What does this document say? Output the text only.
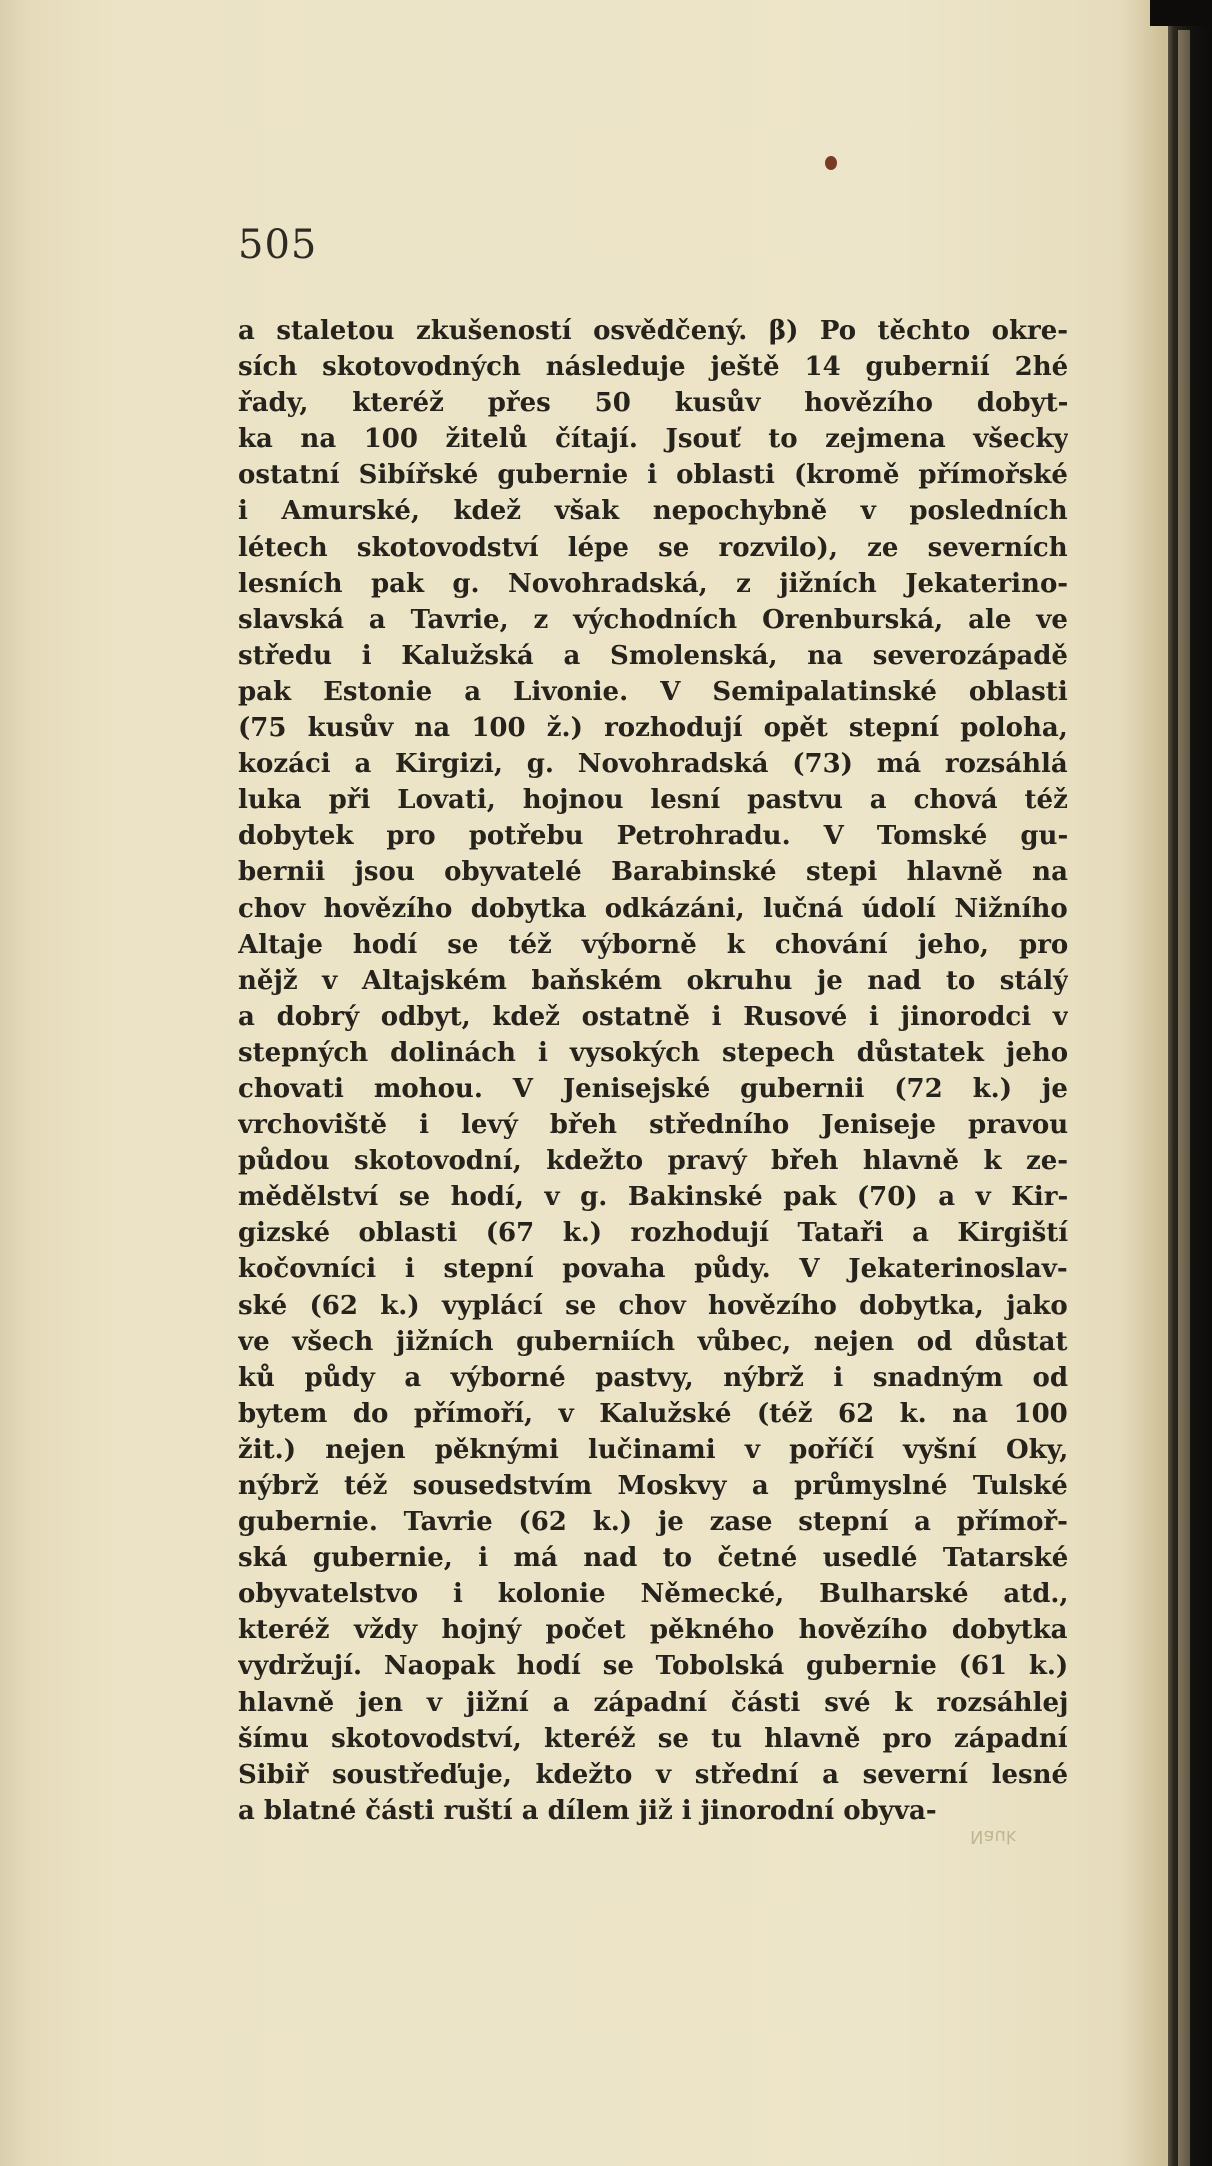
505
a staletou zkušeností osvědčený. β) Po těchto okre-
sích skotovodných následuje ještě 14 gubernií 2hé
řady, kteréž přes 50 kusův hovězího dobyt-
ka na 100 žitelů čítají. Jsouť to zejmena všecky
ostatní Sibířské gubernie i oblasti (kromě přímořské
i Amurské, kdež však nepochybně v posledních
létech skotovodství lépe se rozvilo), ze severních
lesních pak g. Novohradská, z jižních Jekaterino-
slavská a Tavrie, z východních Orenburská, ale ve
středu i Kalužská a Smolenská, na severozápadě
pak Estonie a Livonie. V Semipalatinské oblasti
(75 kusův na 100 ž.) rozhodují opět stepní poloha,
kozáci a Kirgizi, g. Novohradská (73) má rozsáhlá
luka při Lovati, hojnou lesní pastvu a chová též
dobytek pro potřebu Petrohradu. V Tomské gu-
bernii jsou obyvatelé Barabinské stepi hlavně na
chov hovězího dobytka odkázáni, lučná údolí Nižního
Altaje hodí se též výborně k chování jeho, pro
nějž v Altajském baňském okruhu je nad to stálý
a dobrý odbyt, kdež ostatně i Rusové i jinorodci v
stepných dolinách i vysokých stepech důstatek jeho
chovati mohou. V Jenisejské gubernii (72 k.) je
vrchoviště i levý břeh středního Jeniseje pravou
půdou skotovodní, kdežto pravý břeh hlavně k ze-
mědělství se hodí, v g. Bakinské pak (70) a v Kir-
gizské oblasti (67 k.) rozhodují Tataři a Kirgiští
kočovníci i stepní povaha půdy. V Jekaterinoslav-
ské (62 k.) vyplácí se chov hovězího dobytka, jako
ve všech jižních guberniích vůbec, nejen od důstat
ků půdy a výborné pastvy, nýbrž i snadným od
bytem do přímoří, v Kalužské (též 62 k. na 100
žit.) nejen pěknými lučinami v poříčí vyšní Oky,
nýbrž též sousedstvím Moskvy a průmyslné Tulské
gubernie. Tavrie (62 k.) je zase stepní a přímoř-
ská gubernie, i má nad to četné usedlé Tatarské
obyvatelstvo i kolonie Německé, Bulharské atd.,
kteréž vždy hojný počet pěkného hovězího dobytka
vydržují. Naopak hodí se Tobolská gubernie (61 k.)
hlavně jen v jižní a západní části své k rozsáhlej
šímu skotovodství, kteréž se tu hlavně pro západní
Sibiř soustřeďuje, kdežto v střední a severní lesné
a blatné části ruští a dílem již i jinorodní obyva-
Nauk
